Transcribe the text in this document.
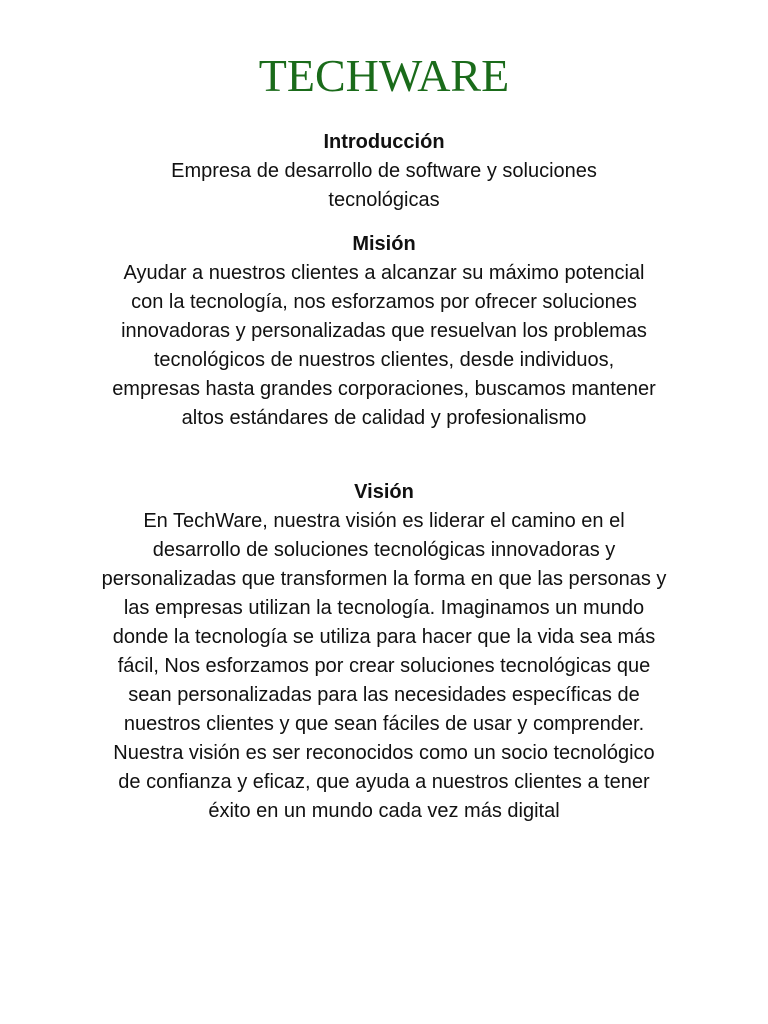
TECHWARE
Introducción

Empresa de desarrollo de software y soluciones tecnológicas

Misión

Ayudar a nuestros clientes a alcanzar su máximo potencial con la tecnología, nos esforzamos por ofrecer soluciones innovadoras y personalizadas que resuelvan los problemas tecnológicos de nuestros clientes, desde individuos, empresas hasta grandes corporaciones, buscamos mantener altos estándares de calidad y profesionalismo

Visión

En TechWare, nuestra visión es liderar el camino en el desarrollo de soluciones tecnológicas innovadoras y personalizadas que transformen la forma en que las personas y las empresas utilizan la tecnología. Imaginamos un mundo donde la tecnología se utiliza para hacer que la vida sea más fácil, Nos esforzamos por crear soluciones tecnológicas que sean personalizadas para las necesidades específicas de nuestros clientes y que sean fáciles de usar y comprender. Nuestra visión es ser reconocidos como un socio tecnológico de confianza y eficaz, que ayuda a nuestros clientes a tener éxito en un mundo cada vez más digital
